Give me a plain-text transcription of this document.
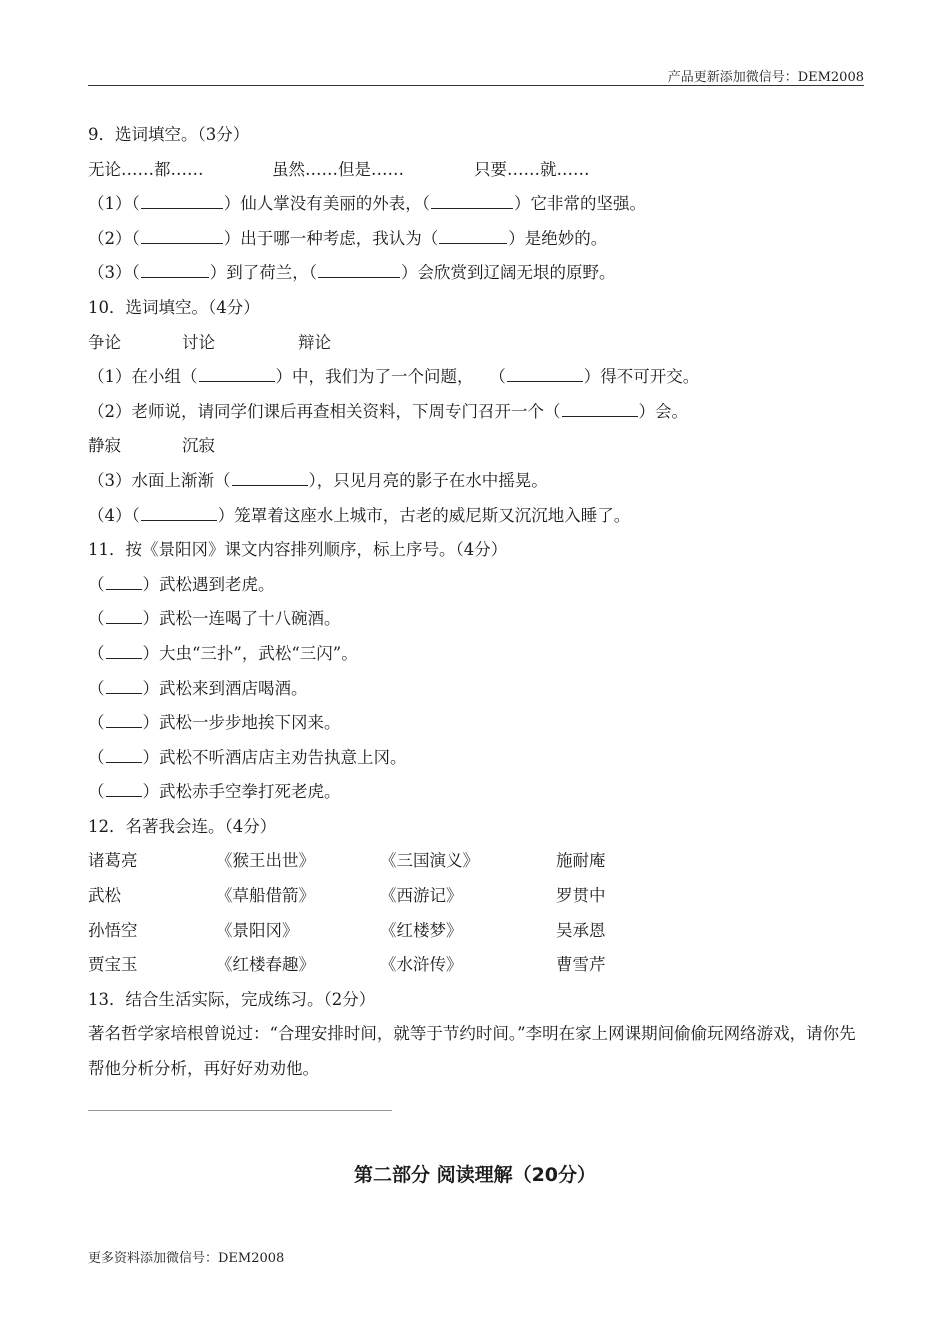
产品更新添加微信号：DEM2008
9．选词填空。（3分）
无论……都……	虽然……但是……	只要……就……
（1）（	）仙人掌没有美丽的外表，（	）它非常的坚强。
（2）（	）出于哪一种考虑，我认为（	）是绝妙的。
（3）（	）到了荷兰，（	）会欣赏到辽阔无垠的原野。
10．选词填空。（4分）
争论	讨论	辩论
（1）在小组（	）中，我们为了一个问题， （	）得不可开交。
（2）老师说，请同学们课后再查相关资料，下周专门召开一个（	）会。
静寂	沉寂
（3）水面上渐渐（	），只见月亮的影子在水中摇晃。
（4）（	）笼罩着这座水上城市，古老的威尼斯又沉沉地入睡了。
11．按《景阳冈》课文内容排列顺序，标上序号。（4分）
（ ）武松遇到老虎。
（ ）武松一连喝了十八碗酒。
（ ）大虫“三扑”，武松“三闪”。
（ ）武松来到酒店喝酒。
（ ）武松一步步地挨下冈来。
（ ）武松不听酒店店主劝告执意上冈。
（ ）武松赤手空拳打死老虎。
12．名著我会连。（4分）
诸葛亮	《猴王出世》	《三国演义》	施耐庵
武松	《草船借箭》	《西游记》	罗贯中
孙悟空	《景阳冈》	《红楼梦》	吴承恩
贾宝玉	《红楼春趣》	《水浒传》	曹雪芹
13．结合生活实际，完成练习。（2分）
著名哲学家培根曾说过：“合理安排时间，就等于节约时间。”李明在家上网课期间偷偷玩网络游戏，请你先帮他分析分析，再好好劝劝他。
第二部分 阅读理解（20分）
更多资料添加微信号：DEM2008
